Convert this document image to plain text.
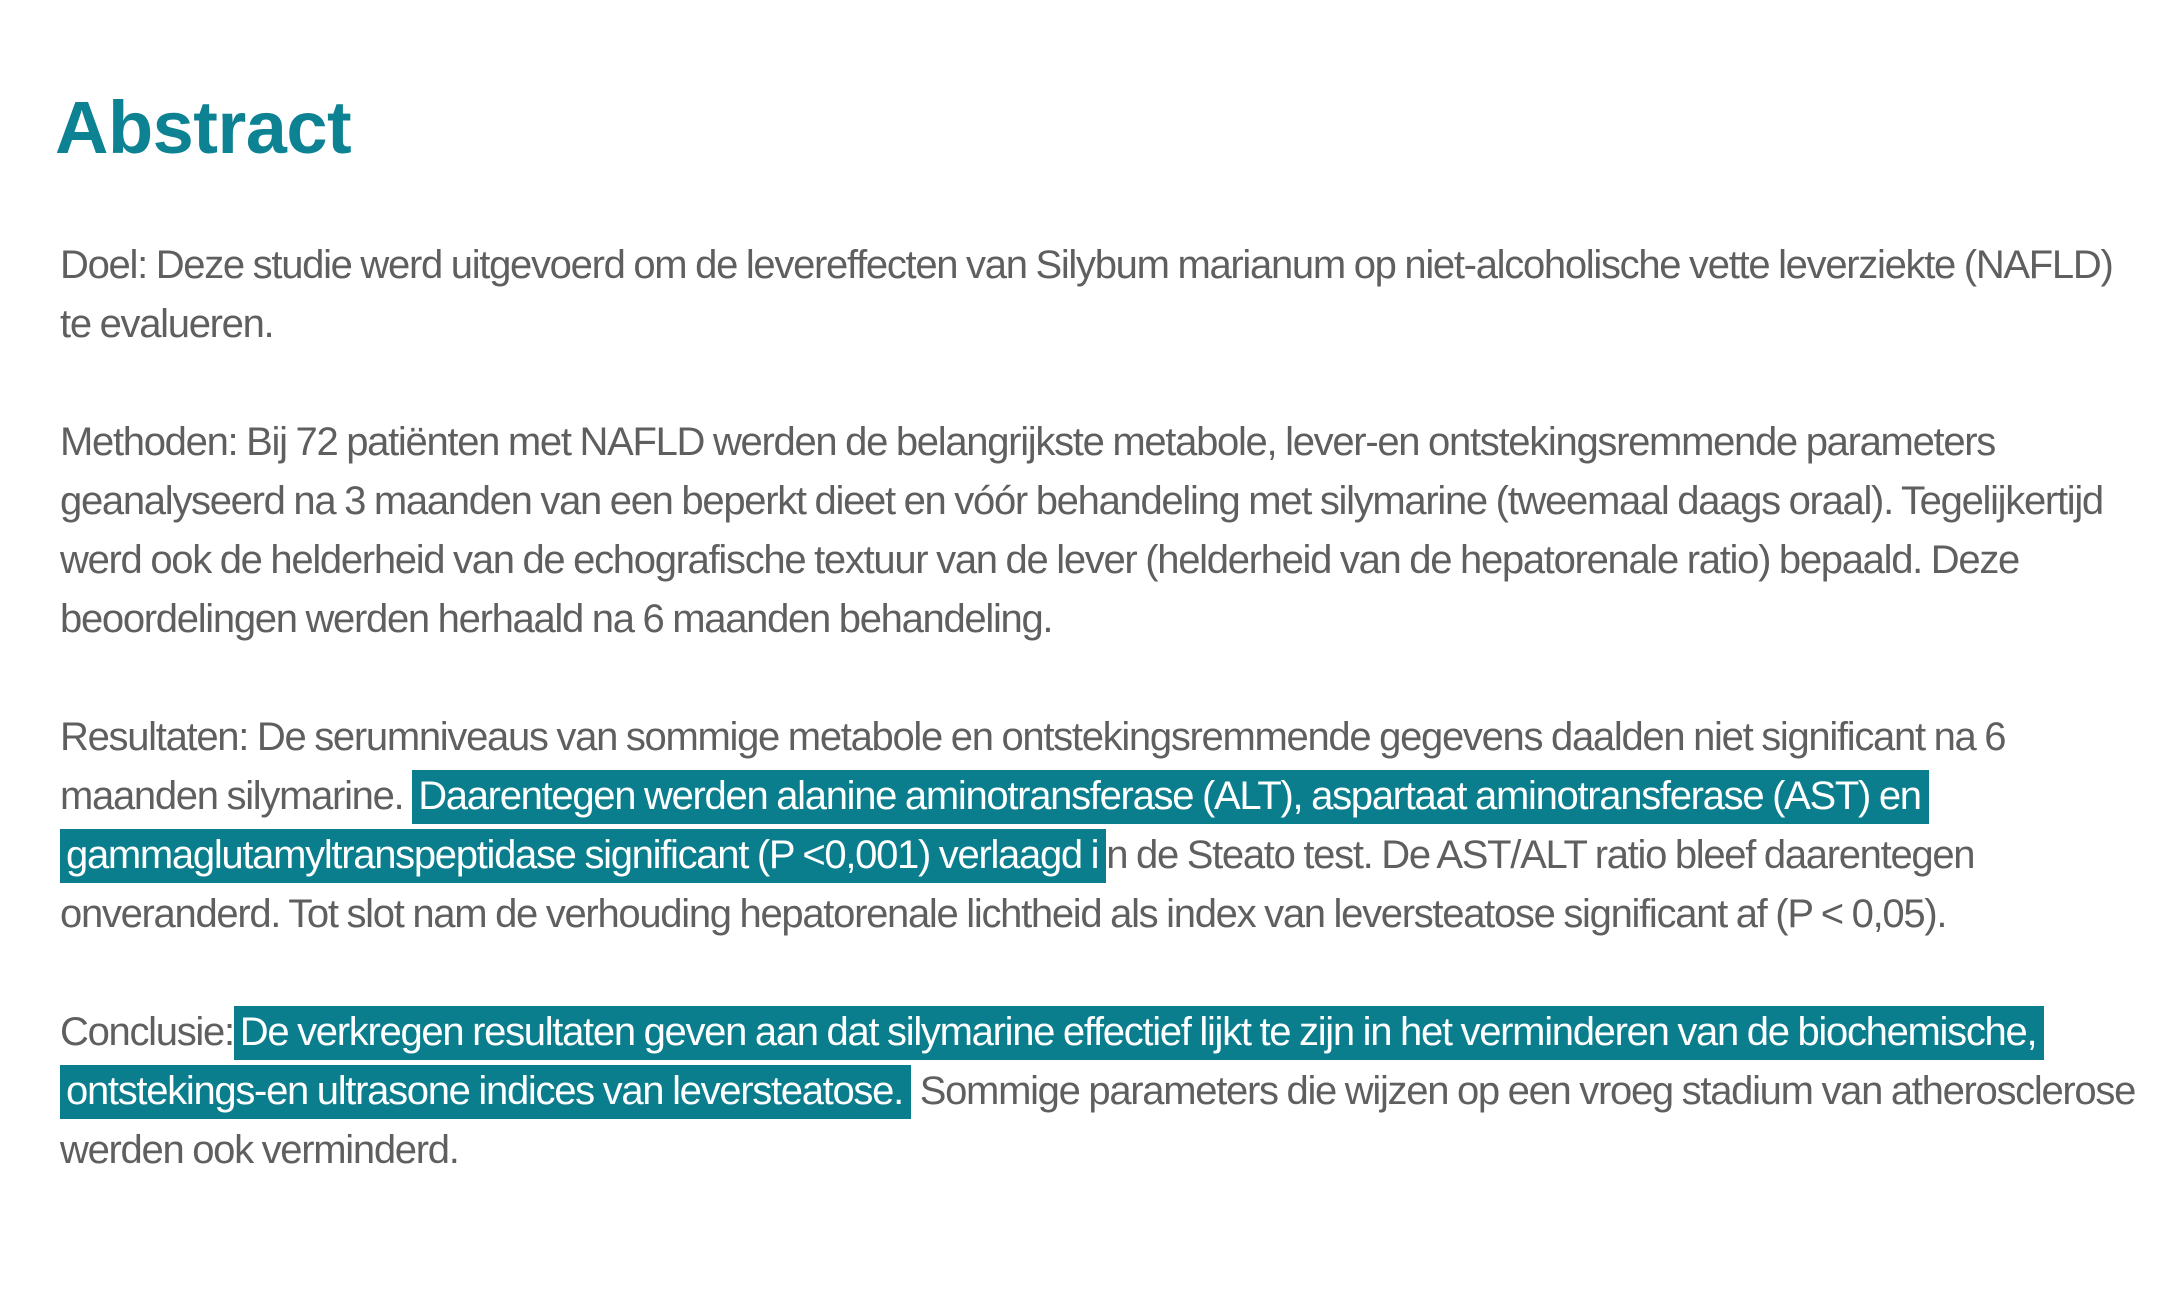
Abstract

Doel: Deze studie werd uitgevoerd om de levereffecten van Silybum marianum op niet-alcoholische vette leverziekte (NAFLD) te evalueren.

Methoden: Bij 72 patiënten met NAFLD werden de belangrijkste metabole, lever-en ontstekingsremmende parameters geanalyseerd na 3 maanden van een beperkt dieet en vóór behandeling met silymarine (tweemaal daags oraal). Tegelijkertijd werd ook de helderheid van de echografische textuur van de lever (helderheid van de hepatorenale ratio) bepaald. Deze beoordelingen werden herhaald na 6 maanden behandeling.

Resultaten: De serumniveaus van sommige metabole en ontstekingsremmende gegevens daalden niet significant na 6 maanden silymarine. Daarentegen werden alanine aminotransferase (ALT), aspartaat aminotransferase (AST) en gammaglutamyltranspeptidase significant (P <0,001) verlaagd i n de Steato test. De AST/ALT ratio bleef daarentegen onveranderd. Tot slot nam de verhouding hepatorenale lichtheid als index van leversteatose significant af (P < 0,05).

Conclusie: De verkregen resultaten geven aan dat silymarine effectief lijkt te zijn in het verminderen van de biochemische, ontstekings-en ultrasone indices van leversteatose. Sommige parameters die wijzen op een vroeg stadium van atherosclerose werden ook verminderd.
